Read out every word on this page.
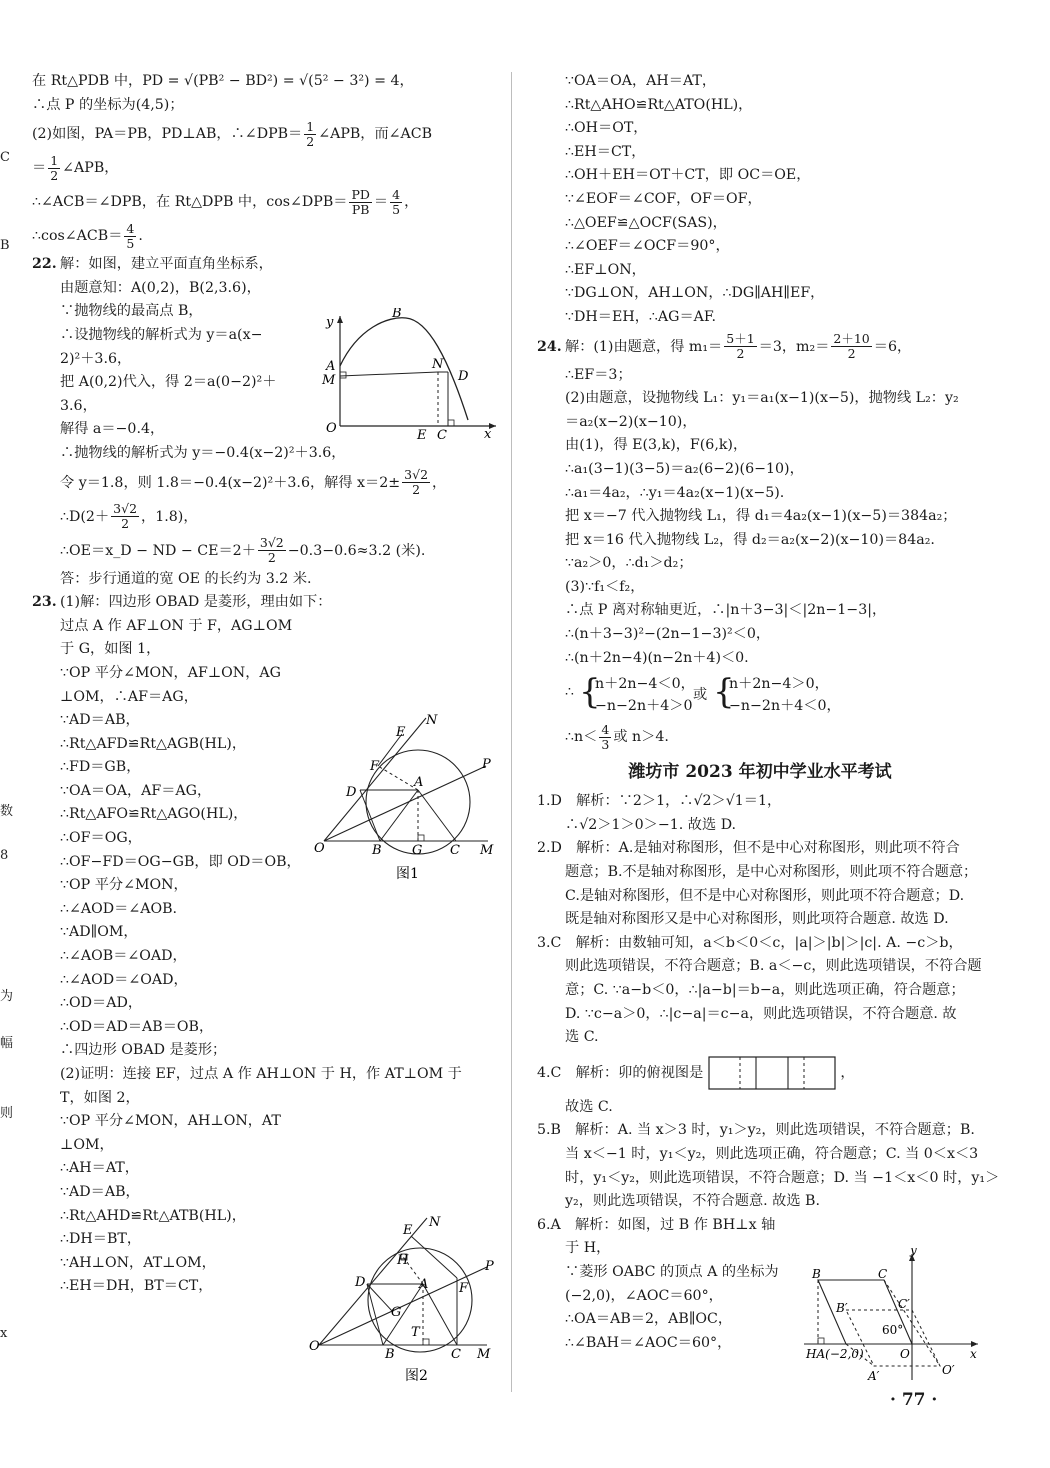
C
B
数
8
为
幅
则
x
在 Rt△PDB 中，PD = √(PB² − BD²) = √(5² − 3²) = 4，
∴点 P 的坐标为(4,5)；
(2)如图，PA＝PB，PD⊥AB，∴∠DPB＝ $\frac{1}{2}$ ∠APB，而∠ACB
＝ $\frac{1}{2}$ ∠APB，
∴∠ACB＝∠DPB，在 Rt△DPB 中，cos∠DPB＝ $\frac{PD}{PB} = \frac{4}{5}$ ，
∴cos∠ACB＝ $\frac{4}{5}$ .
22. 解：如图，建立平面直角坐标系，
由题意知：A(0,2)，B(2,3.6)，
∵抛物线的最高点 B，
∴设抛物线的解析式为 y＝a(x−
2)²＋3.6，
把 A(0,2)代入，得 2＝a(0−2)²＋
3.6，
解得 a＝−0.4，
∴抛物线的解析式为 y＝−0.4(x−2)²＋3.6，
令 y＝1.8，则 1.8＝−0.4(x−2)²＋3.6，解得 $x=2\pm \frac{3√2}{2}$ ，
∴D(2＋ $\frac{3√2}{2}$ ，1.8)，
∴OE＝x_D − ND − $CE=2+ \frac{3√2}{2} -0.3-0.6\approx 3.2$ (米).
答：步行通道的宽 OE 的长约为 3.2 米.
23. (1)解：四边形 OBAD 是菱形，理由如下：
过点 A 作 AF⊥ON 于 F，AG⊥OM
于 G，如图 1，
∵OP 平分∠MON，AF⊥ON，AG
⊥OM，∴AF＝AG，
∵AD＝AB，
∴Rt△AFD≌Rt△AGB(HL)，
∴FD＝GB，
∵OA＝OA，AF＝AG，
∴Rt△AFO≌Rt△AGO(HL)，
∴OF＝OG，
∴OF−FD＝OG−GB，即 OD＝OB，
∵OP 平分∠MON，
∴∠AOD＝∠AOB.
∵AD∥OM，
∴∠AOB＝∠OAD，
∴∠AOD＝∠OAD，
∴OD＝AD，
∴OD＝AD＝AB＝OB，
∴四边形 OBAD 是菱形；
(2)证明：连接 EF，过点 A 作 AH⊥ON 于 H，作 AT⊥OM 于
T，如图 2，
∵OP 平分∠MON，AH⊥ON，AT
⊥OM，
∴AH＝AT，
∵AD＝AB，
∴Rt△AHD≌Rt△ATB(HL)，
∴DH＝BT，
∵AH⊥ON，AT⊥OM，
∴EH＝DH，BT＝CT，
y
B
A
M
N
D
O	E C	x
E
N
F
A
P
D
O	B G C M
图1
E
N
H	P
D	A F
G
T
O
B	C M
图2
∵OA＝OA，AH＝AT，
∴Rt△AHO≌Rt△ATO(HL)，
∴OH＝OT，
∴EH＝CT，
∴OH＋EH＝OT＋CT，即 OC＝OE，
∵∠EOF＝∠COF，OF＝OF，
∴△OEF≌△OCF(SAS)，
∴∠OEF＝∠OCF＝90°，
∴EF⊥ON，
∵DG⊥ON，AH⊥ON，∴DG∥AH∥EF，
∵DH＝EH，∴AG＝AF.
24. 解：(1)由题意，得 $m_1= \frac{5+1}{2} =3$，$m_2= \frac{2+10}{2} =6$，
∴EF＝3；
(2)由题意，设抛物线 L₁：y₁＝a₁(x−1)(x−5)，抛物线 L₂：y₂
＝a₂(x−2)(x−10)，
由(1)，得 E(3,k)，F(6,k)，
∴a₁(3−1)(3−5)＝a₂(6−2)(6−10)，
∴a₁＝4a₂，∴y₁＝4a₂(x−1)(x−5).
把 x＝−7 代入抛物线 L₁，得 d₁＝4a₂(x−1)(x−5)＝384a₂；
把 x＝16 代入抛物线 L₂，得 d₂＝a₂(x−2)(x−10)＝84a₂.
∵a₂＞0，∴d₁＞d₂；
(3)∵f₁＜f₂，
∴点 P 离对称轴更近，∴|n＋3−3|＜|2n−1−3|，
∴(n＋3−3)²−(2n−1−3)²＜0，
∴(n＋2n−4)(n−2n＋4)＜0.
∴ {
n＋2n−4＜0，
−n−2n＋4＞0
或 {
n＋2n−4＞0，
−n−2n＋4＜0，
∴n＜ $\frac{4}{3}$ 或 n＞4.
潍坊市 2023 年初中学业水平考试
1.D　解析：∵2＞1，∴√2＞√1＝1，
∴√2＞1＞0＞−1. 故选 D.
2.D　解析：A.是轴对称图形，但不是中心对称图形，则此项不符合
题意；B.不是轴对称图形，是中心对称图形，则此项不符合题意；
C.是轴对称图形，但不是中心对称图形，则此项不符合题意；D.
既是轴对称图形又是中心对称图形，则此项符合题意. 故选 D.
3.C　解析：由数轴可知，a＜b＜0＜c，|a|＞|b|＞|c|. A. −c＞b，
则此选项错误，不符合题意；B. a＜−c，则此选项错误，不符合题
意；C. ∵a−b＜0，∴|a−b|＝b−a，则此选项正确，符合题意；
D. ∵c−a＞0，∴|c−a|＝c−a，则此选项错误，不符合题意. 故
选 C.
4.C　解析：卯的俯视图是	，
故选 C.
5.B　解析：A. 当 x＞3 时，y₁＞y₂，则此选项错误，不符合题意；B.
当 x＜−1 时，y₁＜y₂，则此选项正确，符合题意；C. 当 0＜x＜3
时，y₁＜y₂，则此选项错误，不符合题意；D. 当 −1＜x＜0 时，y₁＞
y₂，则此选项错误，不符合题意. 故选 B.
6.A　解析：如图，过 B 作 BH⊥x 轴
于 H，
∵菱形 OABC 的顶点 A 的坐标为
(−2,0)，∠AOC＝60°，
∴OA＝AB＝2，AB∥OC，
∴∠BAH＝∠AOC＝60°，
y
B	C
B′	C′
60°
HA(−2,0)	O	x
A′	O′
· 77 ·
